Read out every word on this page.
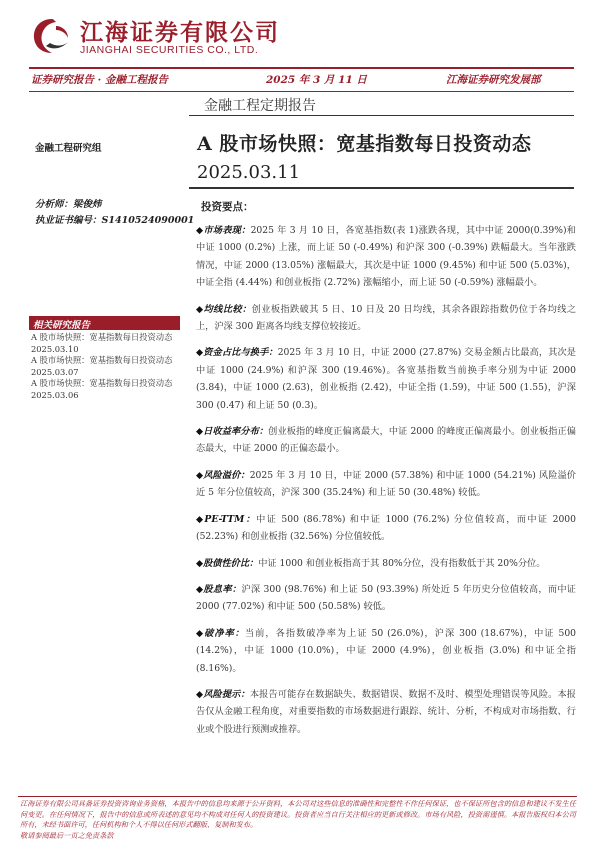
江海证券有限公司
JIANGHAI SECURITIES CO., LTD.
证券研究报告 · 金融工程报告	2025 年 3 月 11 日	江海证券研究发展部
金融工程定期报告
A 股市场快照：宽基指数每日投资动态
2025.03.11
金融工程研究组
分析师：梁俊炜
执业证书编号：S1410524090001
相关研究报告

A 股市场快照：宽基指数每日投资动态 2025.03.10

A 股市场快照：宽基指数每日投资动态 2025.03.07

A 股市场快照：宽基指数每日投资动态 2025.03.06

投资要点：

◆市场表现：2025 年 3 月 10 日，各宽基指数(表 1)涨跌各现，其中中证 2000(0.39%)和中证 1000 (0.2%) 上涨，而上证 50 (-0.49%) 和沪深 300 (-0.39%) 跌幅最大。当年涨跌情况，中证 2000 (13.05%) 涨幅最大，其次是中证 1000 (9.45%) 和中证 500 (5.03%)，中证全指 (4.44%) 和创业板指 (2.72%) 涨幅缩小，而上证 50 (-0.59%) 涨幅最小。

◆均线比较：创业板指跌破其 5 日、10 日及 20 日均线，其余各跟踪指数仍位于各均线之上，沪深 300 距离各均线支撑位较接近。

◆资金占比与换手：2025 年 3 月 10 日，中证 2000 (27.87%) 交易金额占比最高，其次是中证 1000 (24.9%) 和沪深 300 (19.46%)。各宽基指数当前换手率分别为中证 2000 (3.84)，中证 1000 (2.63)，创业板指 (2.42)，中证全指 (1.59)，中证 500 (1.55)，沪深 300 (0.47) 和上证 50 (0.3)。

◆日收益率分布：创业板指的峰度正偏离最大，中证 2000 的峰度正偏离最小。创业板指正偏态最大，中证 2000 的正偏态最小。

◆风险溢价：2025 年 3 月 10 日，中证 2000 (57.38%) 和中证 1000 (54.21%) 风险溢价近 5 年分位值较高，沪深 300 (35.24%) 和上证 50 (30.48%) 较低。

◆PE-TTM：中证 500 (86.78%) 和中证 1000 (76.2%) 分位值较高，而中证 2000 (52.23%) 和创业板指 (32.56%) 分位值较低。

◆股债性价比：中证 1000 和创业板指高于其 80%分位，没有指数低于其 20%分位。

◆股息率：沪深 300 (98.76%) 和上证 50 (93.39%) 所处近 5 年历史分位值较高，而中证 2000 (77.02%) 和中证 500 (50.58%) 较低。

◆破净率：当前，各指数破净率为上证 50 (26.0%)，沪深 300 (18.67%)，中证 500 (14.2%)，中证 1000 (10.0%)，中证 2000 (4.9%)，创业板指 (3.0%) 和中证全指 (8.16%)。

◆风险提示：本报告可能存在数据缺失、数据错误、数据不及时、模型处理错误等风险。本报告仅从金融工程角度，对重要指数的市场数据进行跟踪、统计、分析，不构成对市场指数、行业或个股进行预测或推荐。

江海证券有限公司具备证券投资咨询业务资格，本报告中的信息均来源于公开资料，本公司对这些信息的准确性和完整性不作任何保证，也不保证所包含的信息和建议不发生任何变更。在任何情况下，报告中的信息或所表述的意见均不构成对任何人的投资建议。投资者应当自行关注相应的更新或修改。市场有风险，投资需谨慎。本报告版权归本公司所有，未经书面许可，任何机构和个人不得以任何形式翻版、复制和发布。
敬请参阅最后一页之免责条款
